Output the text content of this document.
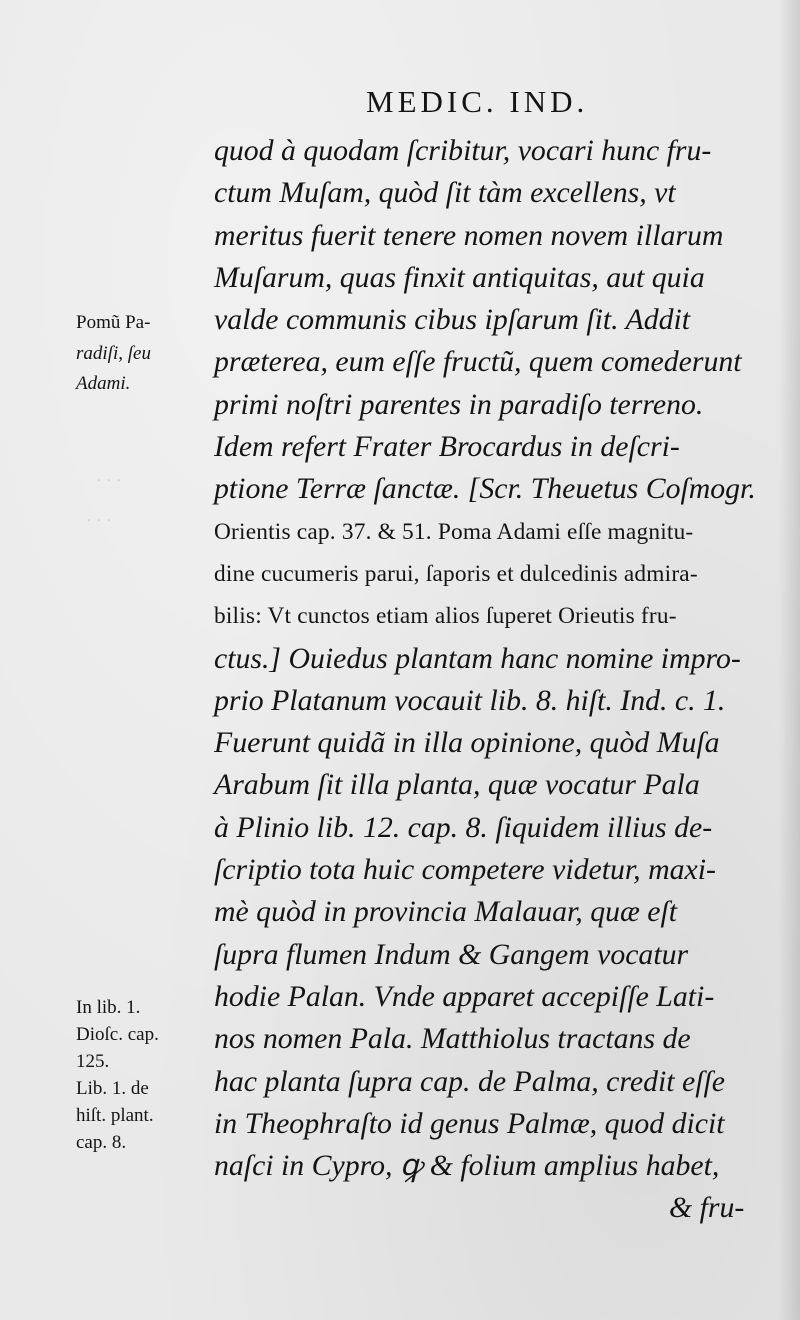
· · ·
· · ·
MEDIC. IND.
quod à quodam ſcribitur, vocari hunc fru-
ctum Muſam, quòd ſit tàm excellens, vt
meritus fuerit tenere nomen novem illarum
Muſarum, quas finxit antiquitas, aut quia
valde communis cibus ipſarum ſit. Addit
præterea, eum eſſe fructũ, quem comederunt
primi noſtri parentes in paradiſo terreno.
Idem refert Frater Brocardus in deſcri-
ptione Terræ ſanctæ. [Scr. Theuetus Coſmogr.
Orientis cap. 37. & 51. Poma Adami eſſe magnitu-
dine cucumeris parui, ſaporis et dulcedinis admira-
bilis: Vt cunctos etiam alios ſuperet Orieutis fru-
ctus.] Ouiedus plantam hanc nomine impro-
prio Platanum vocauit lib. 8. hiſt. Ind. c. 1.
Fuerunt quidã in illa opinione, quòd Muſa
Arabum ſit illa planta, quæ vocatur Pala
à Plinio lib. 12. cap. 8. ſiquidem illius de-
ſcriptio tota huic competere videtur, maxi-
mè quòd in provincia Malauar, quæ eſt
ſupra flumen Indum & Gangem vocatur
hodie Palan. Vnde apparet accepiſſe Lati-
nos nomen Pala. Matthiolus tractans de
hac planta ſupra cap. de Palma, credit eſſe
in Theophraſto id genus Palmæ, quod dicit
naſci in Cypro, ꝙ & folium amplius habet,
& fru-
Pomũ Pa-
radiſi, ſeu
Adami.
In lib. 1.
Dioſc. cap.
125.
Lib. 1. de
hiſt. plant.
cap. 8.
